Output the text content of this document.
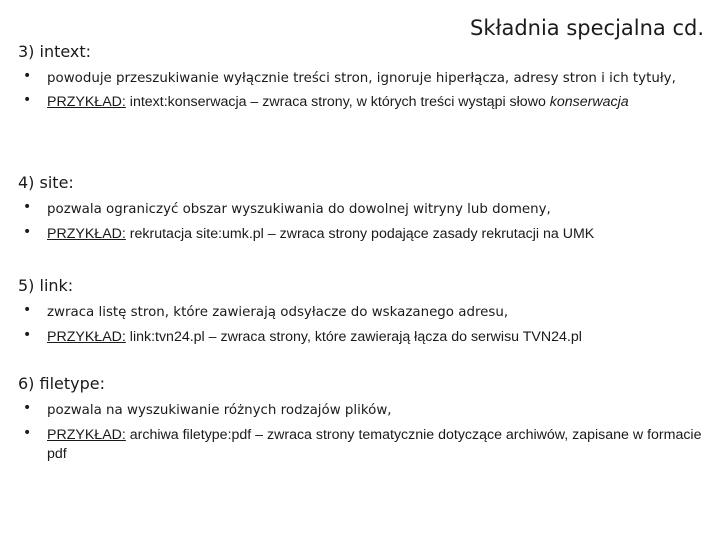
Składnia specjalna cd.
3) intext:
• powoduje przeszukiwanie wyłącznie treści stron, ignoruje hiperłącza, adresy stron i ich tytuły,
• PRZYKŁAD: intext:konserwacja – zwraca strony, w których treści wystąpi słowo konserwacja
4) site:
• pozwala ograniczyć obszar wyszukiwania do dowolnej witryny lub domeny,
• PRZYKŁAD: rekrutacja site:umk.pl – zwraca strony podające zasady rekrutacji na UMK
5) link:
• zwraca listę stron, które zawierają odsyłacze do wskazanego adresu,
• PRZYKŁAD: link:tvn24.pl – zwraca strony, które zawierają łącza do serwisu TVN24.pl
6) filetype:
• pozwala na wyszukiwanie różnych rodzajów plików,
• PRZYKŁAD: archiwa filetype:pdf – zwraca strony tematycznie dotyczące archiwów, zapisane w formacie pdf
